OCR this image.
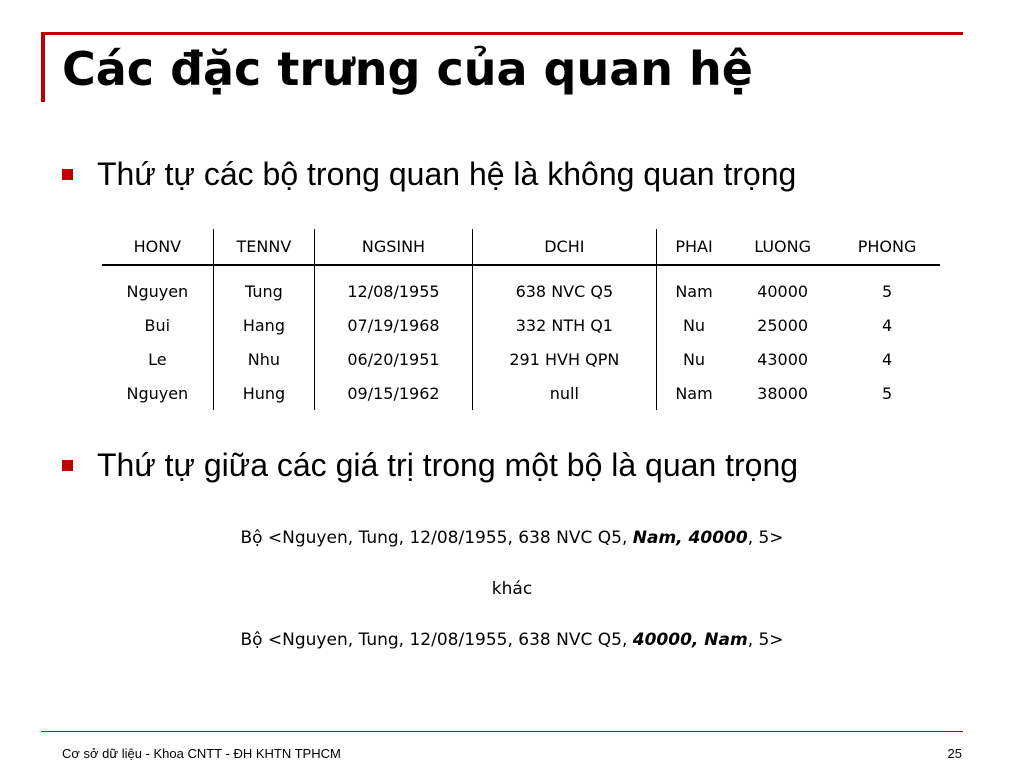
Các đặc trưng của quan hệ
Thứ tự các bộ trong quan hệ là không quan trọng
HONV	TENNV	NGSINH	DCHI	PHAI	LUONG	PHONG
Nguyen	Tung	12/08/1955	638 NVC Q5	Nam	40000	5
Bui	Hang	07/19/1968	332 NTH Q1	Nu	25000	4
Le	Nhu	06/20/1951	291 HVH QPN	Nu	43000	4
Nguyen	Hung	09/15/1962	null	Nam	38000	5
Thứ tự giữa các giá trị trong một bộ là quan trọng
Bộ <Nguyen, Tung, 12/08/1955, 638 NVC Q5, Nam, 40000, 5>
khác
Bộ <Nguyen, Tung, 12/08/1955, 638 NVC Q5, 40000, Nam, 5>
Cơ sở dữ liệu - Khoa CNTT - ĐH KHTN TPHCM	25
